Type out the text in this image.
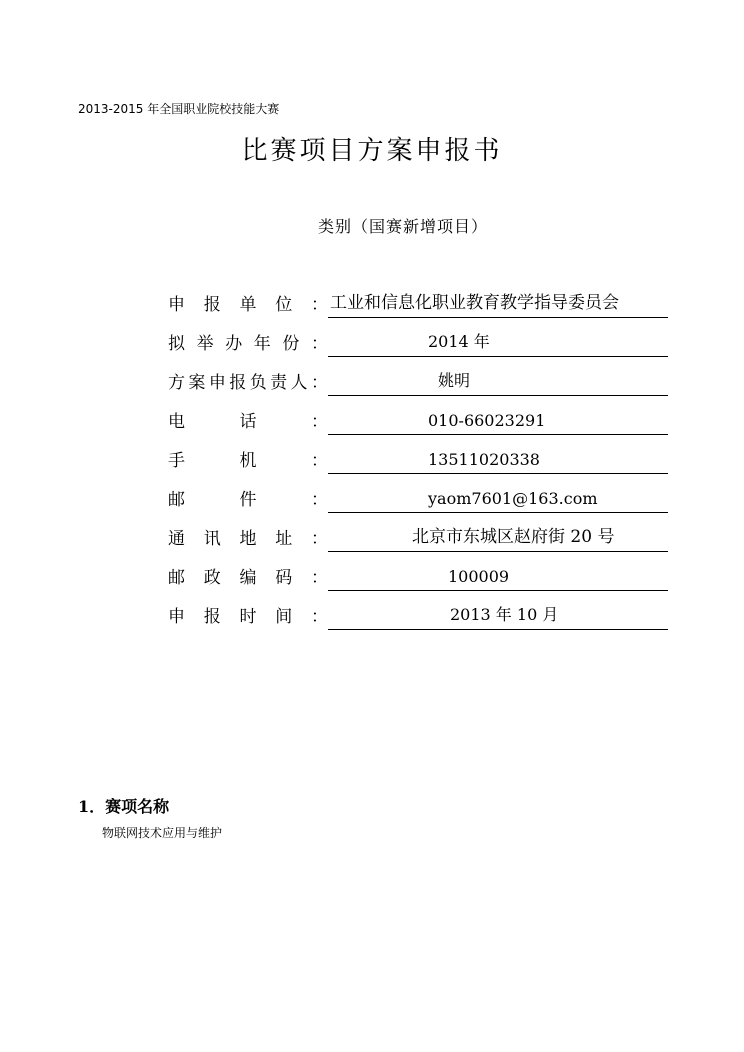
2013-2015 年全国职业院校技能大赛
比赛项目方案申报书
类别（国赛新增项目）
申 报 单 位 ： 工业和信息化职业教育教学指导委员会
拟 举 办 年 份 ：	2014 年
方 案 申 报 负 责 人 ：	姚明
电	话	：	010-66023291
手	机	：	13511020338
邮	件	：	yaom7601@163.com
通 讯 地 址 ：	北京市东城区赵府街 20 号
邮 政 编 码 ：	100009
申 报 时 间 ：	2013 年 10 月
1．赛项名称
物联网技术应用与维护
